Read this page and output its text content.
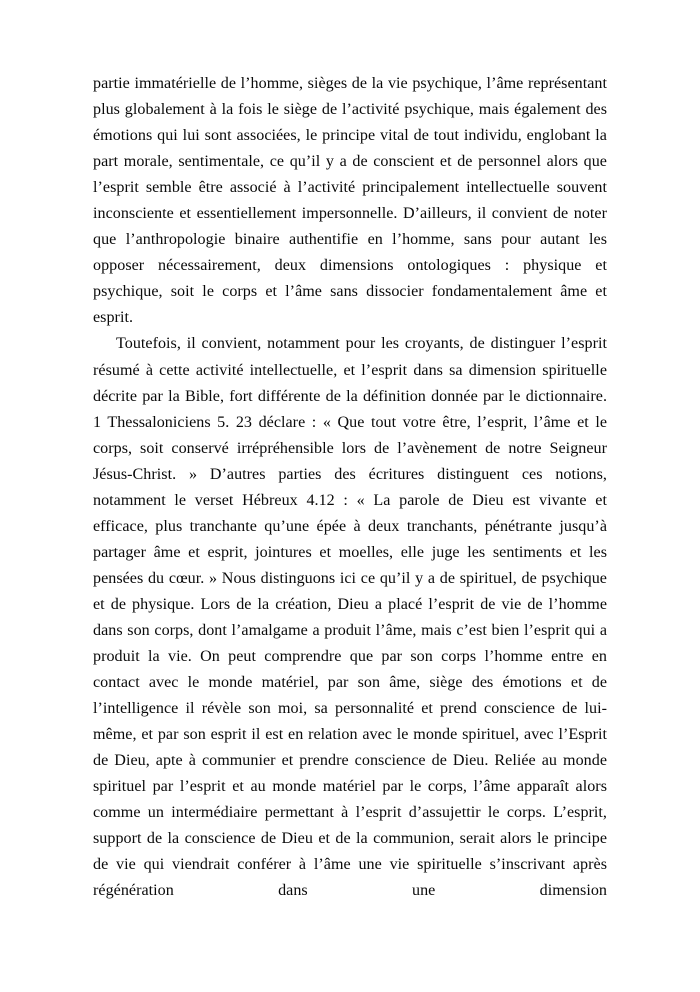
partie immatérielle de l’homme, sièges de la vie psychique, l’âme représentant plus globalement à la fois le siège de l’activité psychique, mais également des émotions qui lui sont associées, le principe vital de tout individu, englobant la part morale, sentimentale, ce qu’il y a de conscient et de personnel alors que l’esprit semble être associé à l’activité principalement intellectuelle souvent inconsciente et essentiellement impersonnelle. D’ailleurs, il convient de noter que l’anthropologie binaire authentifie en l’homme, sans pour autant les opposer nécessairement, deux dimensions ontologiques : physique et psychique, soit le corps et l’âme sans dissocier fondamentalement âme et esprit.

Toutefois, il convient, notamment pour les croyants, de distinguer l’esprit résumé à cette activité intellectuelle, et l’esprit dans sa dimension spirituelle décrite par la Bible, fort différente de la définition donnée par le dictionnaire. 1 Thessaloniciens 5. 23 déclare : « Que tout votre être, l’esprit, l’âme et le corps, soit conservé irrépréhensible lors de l’avènement de notre Seigneur Jésus-Christ. » D’autres parties des écritures distinguent ces notions, notamment le verset Hébreux 4.12 : « La parole de Dieu est vivante et efficace, plus tranchante qu’une épée à deux tranchants, pénétrante jusqu’à partager âme et esprit, jointures et moelles, elle juge les sentiments et les pensées du cœur. » Nous distinguons ici ce qu’il y a de spirituel, de psychique et de physique. Lors de la création, Dieu a placé l’esprit de vie de l’homme dans son corps, dont l’amalgame a produit l’âme, mais c’est bien l’esprit qui a produit la vie. On peut comprendre que par son corps l’homme entre en contact avec le monde matériel, par son âme, siège des émotions et de l’intelligence il révèle son moi, sa personnalité et prend conscience de lui-même, et par son esprit il est en relation avec le monde spirituel, avec l’Esprit de Dieu, apte à communier et prendre conscience de Dieu. Reliée au monde spirituel par l’esprit et au monde matériel par le corps, l’âme apparaît alors comme un intermédiaire permettant à l’esprit d’assujettir le corps. L’esprit, support de la conscience de Dieu et de la communion, serait alors le principe de vie qui viendrait conférer à l’âme une vie spirituelle s’inscrivant après régénération dans une dimension
